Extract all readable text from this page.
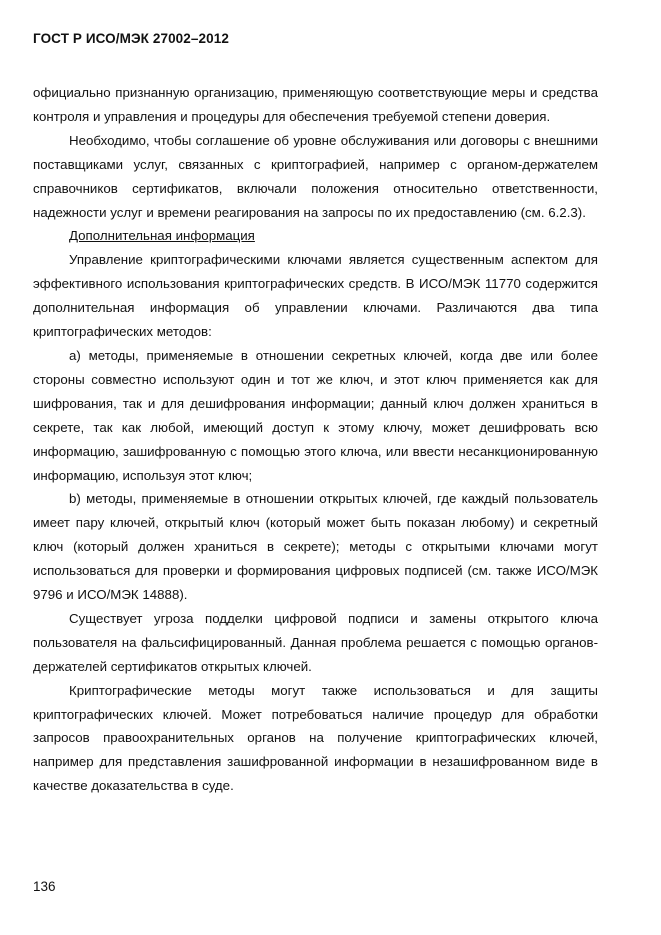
ГОСТ Р ИСО/МЭК 27002–2012

официально признанную организацию, применяющую соответствующие меры и средства контроля и управления и процедуры для обеспечения требуемой степени доверия.

Необходимо, чтобы соглашение об уровне обслуживания или договоры с внешними поставщиками услуг, связанных с криптографией, например с органом-держателем справочников сертификатов, включали положения относительно ответственности, надежности услуг и времени реагирования на запросы по их предоставлению (см. 6.2.3).

Дополнительная информация

Управление криптографическими ключами является существенным аспектом для эффективного использования криптографических средств. В ИСО/МЭК 11770 содержится дополнительная информация об управлении ключами. Различаются два типа криптографических методов:

а) методы, применяемые в отношении секретных ключей, когда две или более стороны совместно используют один и тот же ключ, и этот ключ применяется как для шифрования, так и для дешифрования информации; данный ключ должен храниться в секрете, так как любой, имеющий доступ к этому ключу, может дешифровать всю информацию, зашифрованную с помощью этого ключа, или ввести несанкционированную информацию, используя этот ключ;

b) методы, применяемые в отношении открытых ключей, где каждый пользователь имеет пару ключей, открытый ключ (который может быть показан любому) и секретный ключ (который должен храниться в секрете); методы с открытыми ключами могут использоваться для проверки и формирования цифровых подписей (см. также ИСО/МЭК 9796 и ИСО/МЭК 14888).

Существует угроза подделки цифровой подписи и замены открытого ключа пользователя на фальсифицированный. Данная проблема решается с помощью органов-держателей сертификатов открытых ключей.

Криптографические методы могут также использоваться и для защиты криптографических ключей. Может потребоваться наличие процедур для обработки запросов правоохранительных органов на получение криптографических ключей, например для представления зашифрованной информации в незашифрованном виде в качестве доказательства в суде.

136
